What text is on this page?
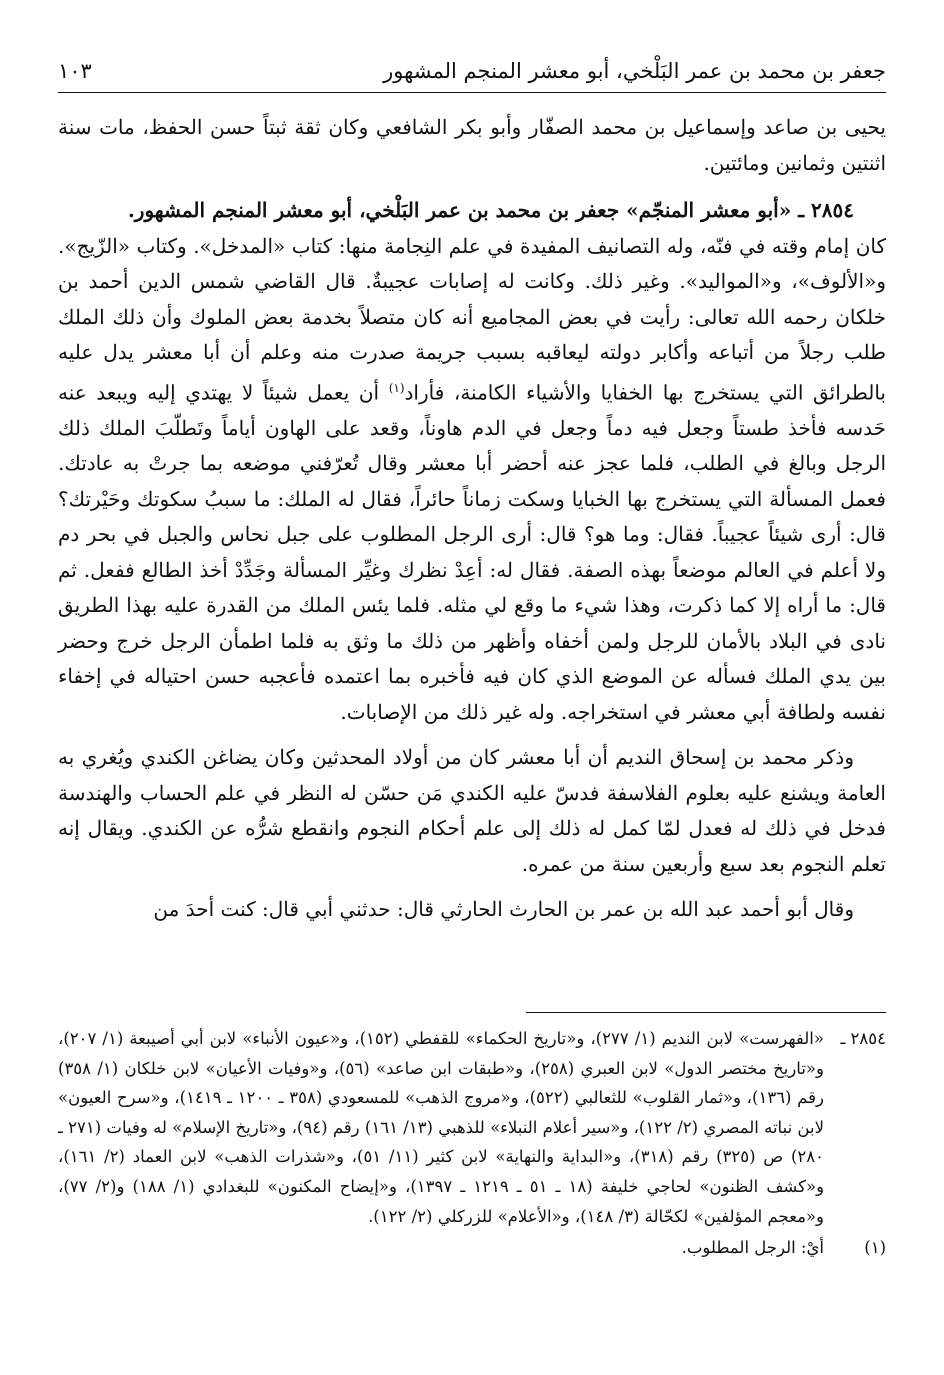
جعفر بن محمد بن عمر البَلْخي، أبو معشر المنجم المشهور
١٠٣

يحيى بن صاعد وإسماعيل بن محمد الصفّار وأبو بكر الشافعي وكان ثقة ثبتاً حسن الحفظ، مات سنة اثنتين وثمانين ومائتين.

٢٨٥٤ ـ «أبو معشر المنجّم» جعفر بن محمد بن عمر البَلْخي، أبو معشر المنجم المشهور.

كان إمام وقته في فنّه، وله التصانيف المفيدة في علم النِجامة منها: كتاب «المدخل». وكتاب «الزّيج». و«الألوف»، و«المواليد». وغير ذلك. وكانت له إصابات عجيبةٌ. قال القاضي شمس الدين أحمد بن خلكان رحمه الله تعالى: رأيت في بعض المجاميع أنه كان متصلاً بخدمة بعض الملوك وأن ذلك الملك طلب رجلاً من أتباعه وأكابر دولته ليعاقبه بسبب جريمة صدرت منه وعلم أن أبا معشر يدل عليه بالطرائق التي يستخرج بها الخفايا والأشياء الكامنة، فأراد$^{(١)}$ أن يعمل شيئاً لا يهتدي إليه ويبعد عنه حَدسه فأخذ طستاً وجعل فيه دماً وجعل في الدم هاوناً، وقعد على الهاون أياماً وتَطلّبَ الملك ذلك الرجل وبالغ في الطلب، فلما عجز عنه أحضر أبا معشر وقال تُعرّفني موضعه بما جرتْ به عادتك. فعمل المسألة التي يستخرج بها الخبايا وسكت زماناً حائراً، فقال له الملك: ما سببُ سكوتك وحَيْرتك؟ قال: أرى شيئاً عجيباً. فقال: وما هو؟ قال: أرى الرجل المطلوب على جبل نحاس والجبل في بحر دم ولا أعلم في العالم موضعاً بهذه الصفة. فقال له: أعِدْ نظرك وغيِّر المسألة وجَدِّدْ أخذ الطالع ففعل. ثم قال: ما أراه إلا كما ذكرت، وهذا شيء ما وقع لي مثله. فلما يئس الملك من القدرة عليه بهذا الطريق نادى في البلاد بالأمان للرجل ولمن أخفاه وأظهر من ذلك ما وثق به فلما اطمأن الرجل خرج وحضر بين يدي الملك فسأله عن الموضع الذي كان فيه فأخبره بما اعتمده فأعجبه حسن احتياله في إخفاء نفسه ولطافة أبي معشر في استخراجه. وله غير ذلك من الإصابات.

وذكر محمد بن إسحاق النديم أن أبا معشر كان من أولاد المحدثين وكان يضاغن الكندي ويُغري به العامة ويشنع عليه بعلوم الفلاسفة فدسّ عليه الكندي مَن حسّن له النظر في علم الحساب والهندسة فدخل في ذلك له فعدل لمّا كمل له ذلك إلى علم أحكام النجوم وانقطع شرُّه عن الكندي. ويقال إنه تعلم النجوم بعد سبع وأربعين سنة من عمره.

وقال أبو أحمد عبد الله بن عمر بن الحارث الحارثي قال: حدثني أبي قال: كنت أحدَ من

٢٨٥٤ ـ
«الفهرست» لابن النديم (١/ ٢٧٧)، و«تاريخ الحكماء» للقفطي (١٥٢)، و«عيون الأنباء» لابن أبي أصيبعة (١/ ٢٠٧)، و«تاريخ مختصر الدول» لابن العبري (٢٥٨)، و«طبقات ابن صاعد» (٥٦)، و«وفيات الأعيان» لابن خلكان (١/ ٣٥٨) رقم (١٣٦)، و«ثمار القلوب» للثعالبي (٥٢٢)، و«مروج الذهب» للمسعودي (٣٥٨ ـ ١٢٠٠ ـ ١٤١٩)، و«سرح العيون» لابن نباته المصري (٢/ ١٢٢)، و«سير أعلام النبلاء» للذهبي (١٣/ ١٦١) رقم (٩٤)، و«تاريخ الإسلام» له وفيات (٢٧١ ـ ٢٨٠) ص (٣٢٥) رقم (٣١٨)، و«البداية والنهاية» لابن كثير (١١/ ٥١)، و«شذرات الذهب» لابن العماد (٢/ ١٦١)، و«كشف الظنون» لحاجي خليفة (١٨ ـ ٥١ ـ ١٢١٩ ـ ١٣٩٧)، و«إيضاح المكنون» للبغدادي (١/ ١٨٨) و(٢/ ٧٧)، و«معجم المؤلفين» لكحّالة (٣/ ١٤٨)، و«الأعلام» للزركلي (٢/ ١٢٢).
(١)
أيْ: الرجل المطلوب.
